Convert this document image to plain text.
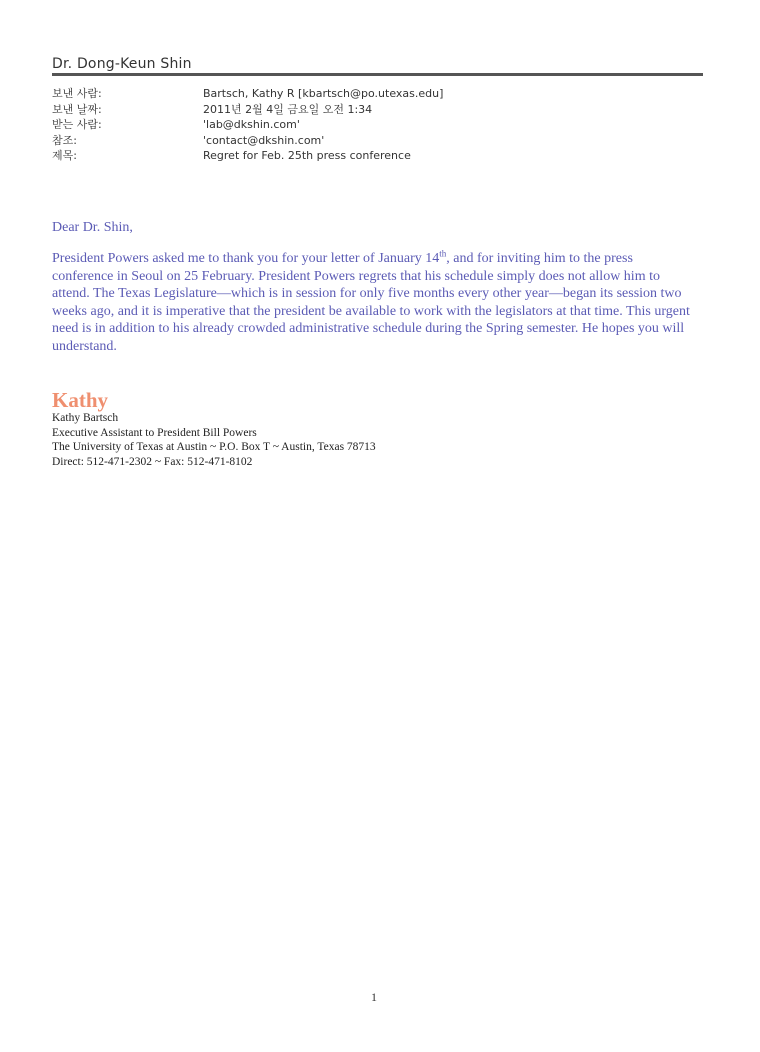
Dr. Dong-Keun Shin
보낸 사람:	Bartsch, Kathy R [kbartsch@po.utexas.edu]
보낸 날짜:	2011년 2월 4일 금요일 오전 1:34
받는 사람:	'lab@dkshin.com'
참조:	'contact@dkshin.com'
제목:	Regret for Feb. 25th press conference

Dear Dr. Shin,

President Powers asked me to thank you for your letter of January 14th, and for inviting him to the press conference in Seoul on 25 February. President Powers regrets that his schedule simply does not allow him to attend. The Texas Legislature—which is in session for only five months every other year—began its session two weeks ago, and it is imperative that the president be available to work with the legislators at that time. This urgent need is in addition to his already crowded administrative schedule during the Spring semester. He hopes you will understand.

Kathy

Kathy Bartsch

Executive Assistant to President Bill Powers

The University of Texas at Austin ~ P.O. Box T ~ Austin, Texas 78713

Direct: 512-471-2302 ~ Fax: 512-471-8102

1
